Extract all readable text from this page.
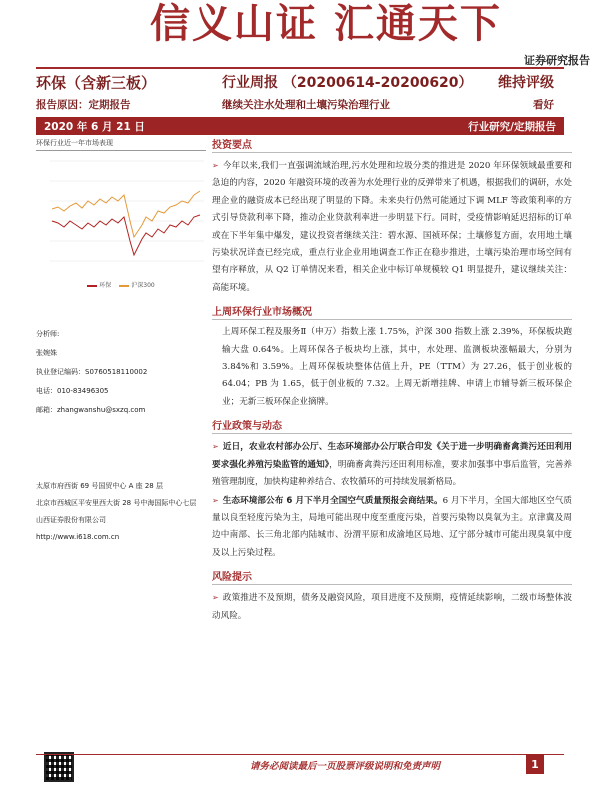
信义山证 汇通天下
证券研究报告
环保（含新三板）	行业周报 （20200614-20200620） 维持评级
报告原因：定期报告	继续关注水处理和土壤污染治理行业	看好
2020 年 6 月 21 日	行业研究/定期报告
环保行业近一年市场表现
环保	沪深300
分析师:
张婉姝
执业登记编码：S0760518110002
电话：010-83496305
邮箱：zhangwanshu@sxzq.com
太原市府西街 69 号国贸中心 A 座 28 层
北京市西城区平安里西大街 28 号中海国际中心七层
山西证券股份有限公司
http://www.i618.com.cn
投资要点
➢ 今年以来,我们一直强调流域治理,污水处理和垃圾分类的推进是 2020 年环保领域最重要和急迫的内容，2020 年融资环境的改善为水处理行业的反弹带来了机遇，根据我们的调研，水处理企业的融资成本已经出现了明显的下降。未来央行仍然可能通过下调 MLF 等政策利率的方式引导贷款利率下降，推动企业贷款利率进一步明显下行。同时，受疫情影响延迟招标的订单或在下半年集中爆发，建议投资者继续关注：碧水源、国祯环保；土壤修复方面，农用地土壤污染状况详查已经完成，重点行业企业用地调查工作正在稳步推进，土壤污染治理市场空间有望有序释放，从 Q2 订单情况来看，相关企业中标订单规模较 Q1 明显提升，建议继续关注：高能环境。
上周环保行业市场概况
上周环保工程及服务Ⅱ（申万）指数上涨 1.75%，沪深 300 指数上涨 2.39%，环保板块跑输大盘 0.64%。上周环保各子板块均上涨，其中，水处理、监测板块涨幅最大，分别为 3.84%和 3.59%。上周环保板块整体估值上升，PE（TTM）为 27.26，低于创业板的 64.04；PB 为 1.65，低于创业板的 7.32。上周无新增挂牌、申请上市辅导新三板环保企业；无新三板环保企业摘牌。
行业政策与动态
➢ 近日，农业农村部办公厅、生态环境部办公厅联合印发《关于进一步明确畜禽粪污还田利用要求强化养殖污染监管的通知》，明确畜禽粪污还田利用标准，要求加强事中事后监管，完善养殖管理制度，加快构建种养结合、农牧循环的可持续发展新格局。
➢ 生态环境部公布 6 月下半月全国空气质量预报会商结果。6 月下半月，全国大部地区空气质量以良至轻度污染为主，局地可能出现中度至重度污染，首要污染物以臭氧为主。京津冀及周边中南部、长三角北部内陆城市、汾渭平原和成渝地区局地、辽宁部分城市可能出现臭氧中度及以上污染过程。
风险提示
➢ 政策推进不及预期，债务及融资风险，项目进度不及预期，疫情延续影响，二级市场整体波动风险。
请务必阅读最后一页股票评级说明和免责声明	1
